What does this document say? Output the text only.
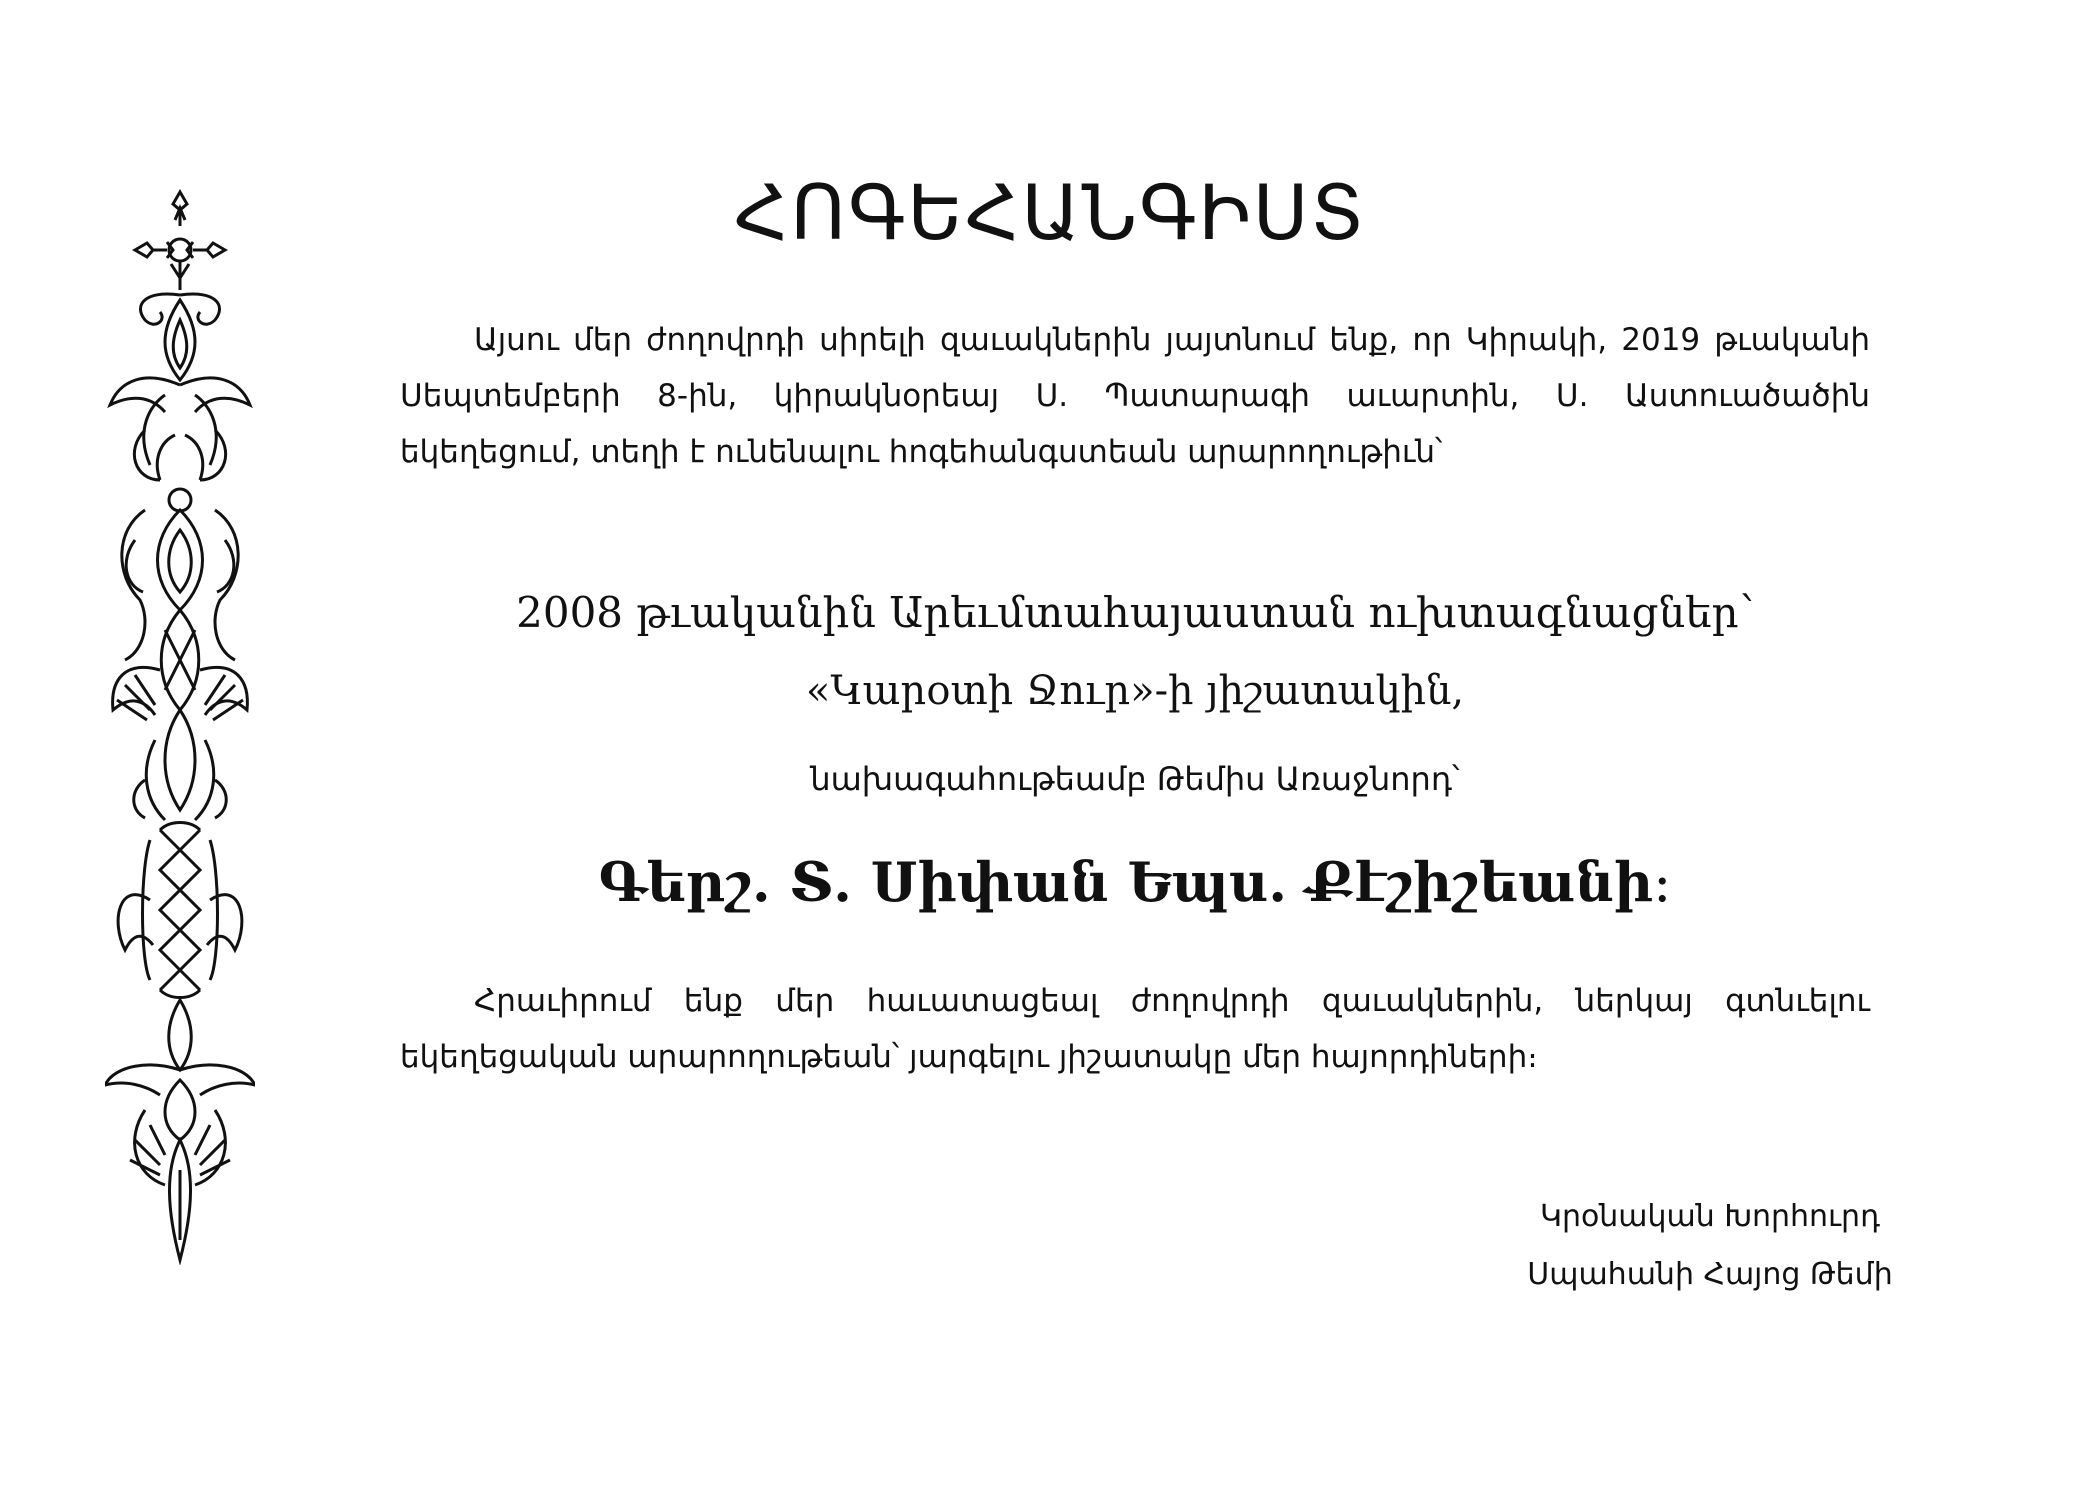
ՀՈԳԵՀԱՆԳԻՍՏ

Այսու մեր ժողովրդի սիրելի զաւակներին յայտնում ենք, որ Կիրակի, 2019 թւականի Սեպտեմբերի 8-ին, կիրակնօրեայ Ս. Պատարագի աւարտին, Ս. Աստուածածին եկեղեցում, տեղի է ունենալու հոգեհանգստեան արարողութիւն՝

2008 թւականին Արեւմտահայաստան ուխտագնացներ՝

«Կարօտի Ջուր»-ի յիշատակին,

նախագահութեամբ Թեմիս Առաջնորդ՝

Գերշ. Տ. Սիփան Եպս. Քէշիշեանի։

Հրաւիրում ենք մեր հաւատացեալ ժողովրդի զաւակներին, ներկայ գտնւելու եկեղեցական արարողութեան՝ յարգելու յիշատակը մեր հայորդիների։

Կրօնական Խորհուրդ
Սպահանի Հայոց Թեմի
